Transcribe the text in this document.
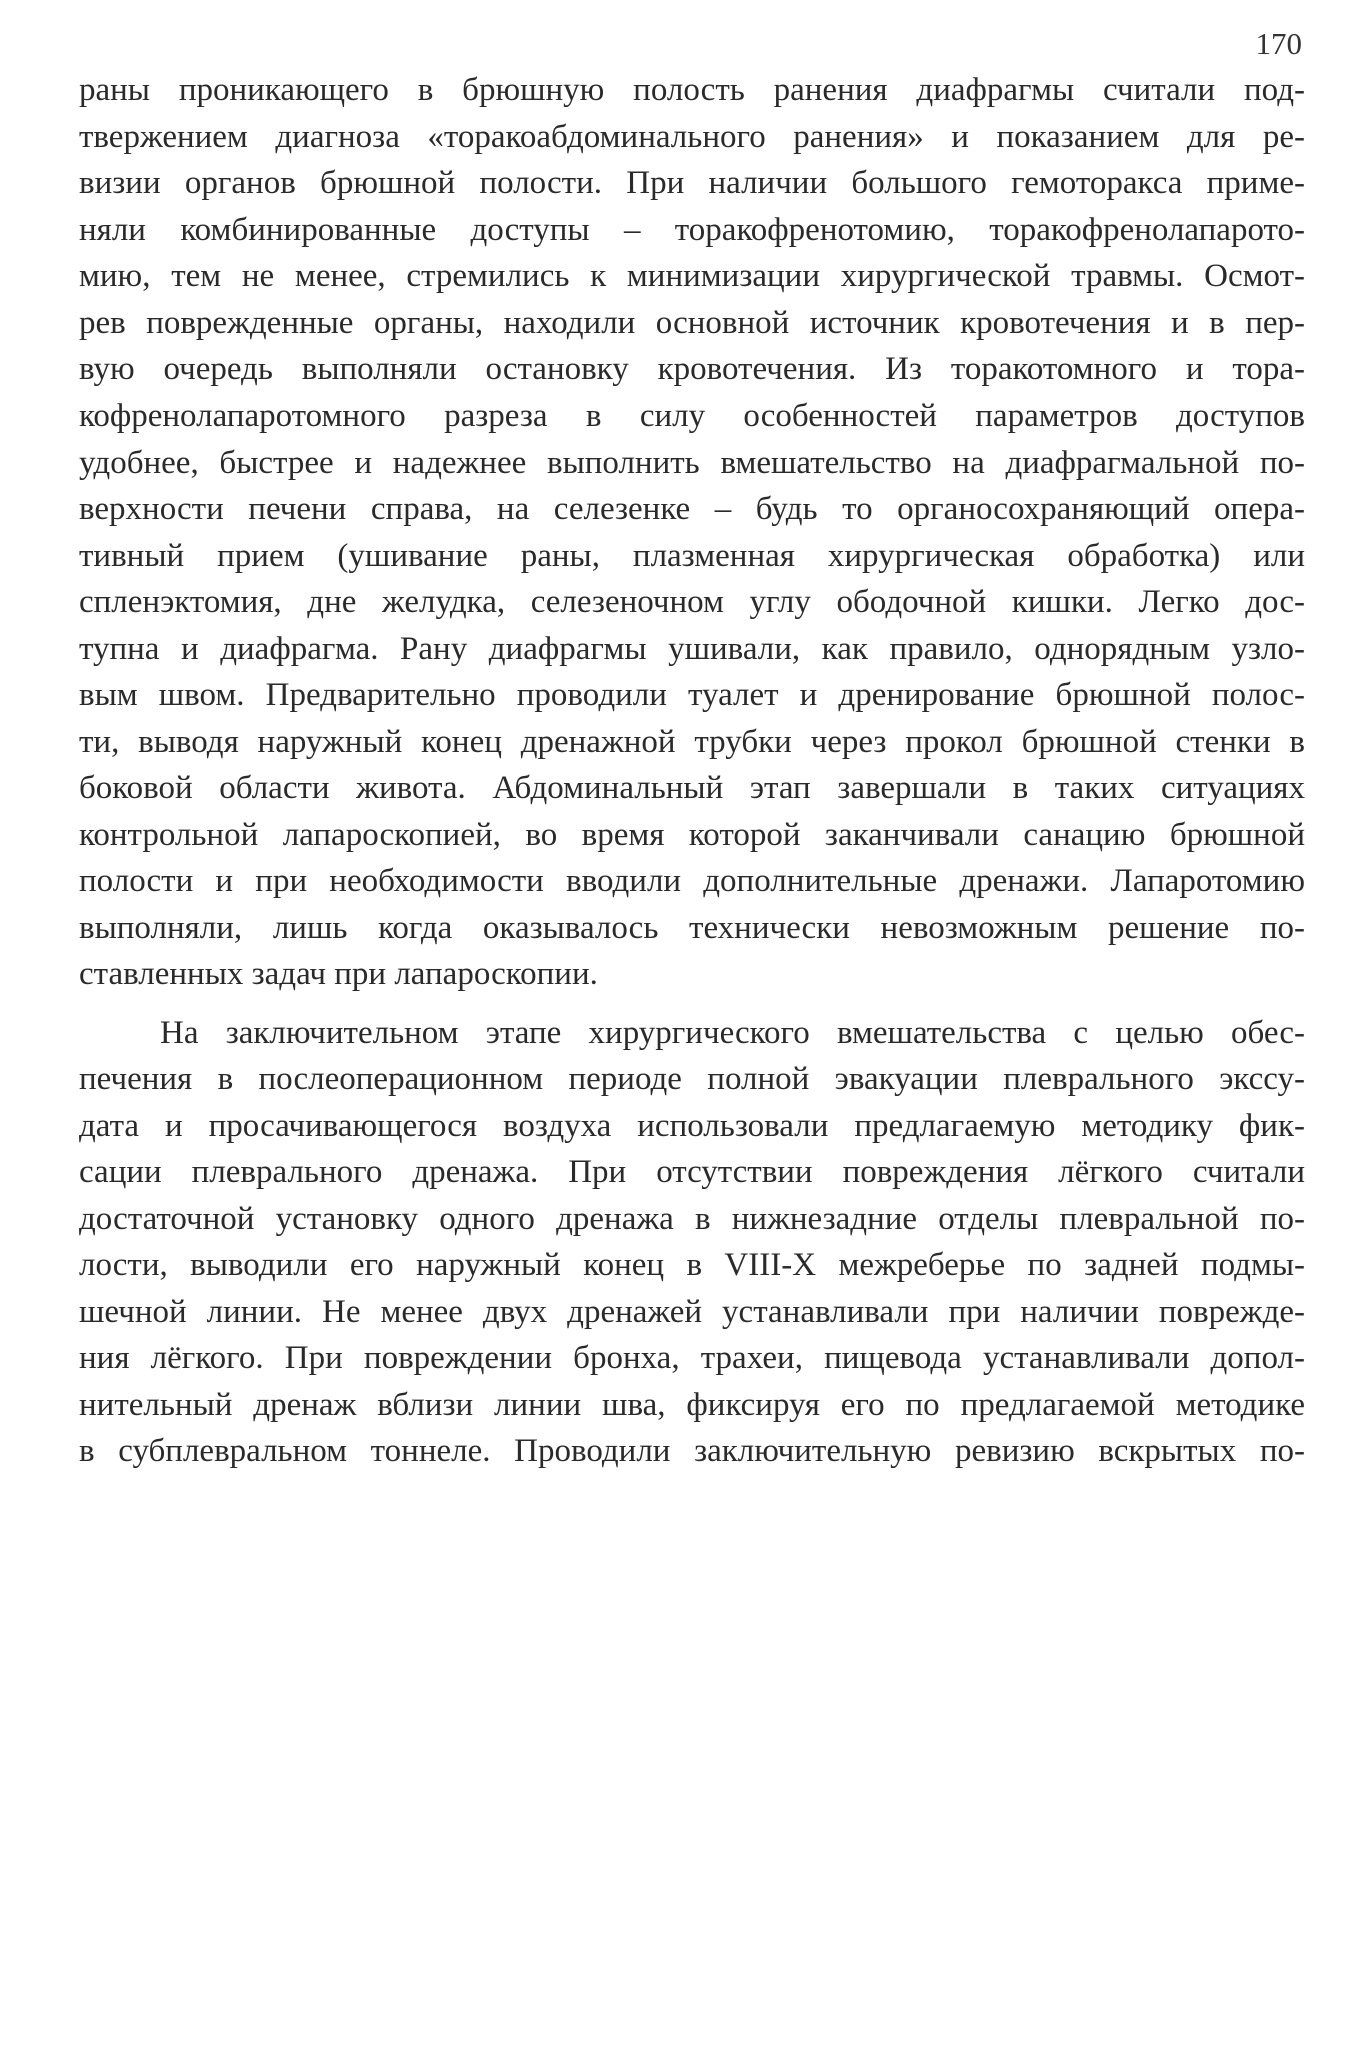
170
раны проникающего в брюшную полость ранения диафрагмы считали под-
твержением диагноза «торакоабдоминального ранения» и показанием для ре-
визии органов брюшной полости. При наличии большого гемоторакса приме-
няли комбинированные доступы – торакофренотомию, торакофренолапарото-
мию, тем не менее, стремились к минимизации хирургической травмы. Осмот-
рев поврежденные органы, находили основной источник кровотечения и в пер-
вую очередь выполняли остановку кровотечения. Из торакотомного и тора-
кофренолапаротомного разреза в силу особенностей параметров доступов
удобнее, быстрее и надежнее выполнить вмешательство на диафрагмальной по-
верхности печени справа, на селезенке – будь то органосохраняющий опера-
тивный прием (ушивание раны, плазменная хирургическая обработка) или
спленэктомия, дне желудка, селезеночном углу ободочной кишки. Легко дос-
тупна и диафрагма. Рану диафрагмы ушивали, как правило, однорядным узло-
вым швом. Предварительно проводили туалет и дренирование брюшной полос-
ти, выводя наружный конец дренажной трубки через прокол брюшной стенки в
боковой области живота. Абдоминальный этап завершали в таких ситуациях
контрольной лапароскопией, во время которой заканчивали санацию брюшной
полости и при необходимости вводили дополнительные дренажи. Лапаротомию
выполняли, лишь когда оказывалось технически невозможным решение по-
ставленных задач при лапароскопии.
На заключительном этапе хирургического вмешательства с целью обес-
печения в послеоперационном периоде полной эвакуации плеврального экссу-
дата и просачивающегося воздуха использовали предлагаемую методику фик-
сации плеврального дренажа. При отсутствии повреждения лёгкого считали
достаточной установку одного дренажа в нижнезадние отделы плевральной по-
лости, выводили его наружный конец в VIII-X межреберье по задней подмы-
шечной линии. Не менее двух дренажей устанавливали при наличии поврежде-
ния лёгкого. При повреждении бронха, трахеи, пищевода устанавливали допол-
нительный дренаж вблизи линии шва, фиксируя его по предлагаемой методике
в субплевральном тоннеле. Проводили заключительную ревизию вскрытых по-
